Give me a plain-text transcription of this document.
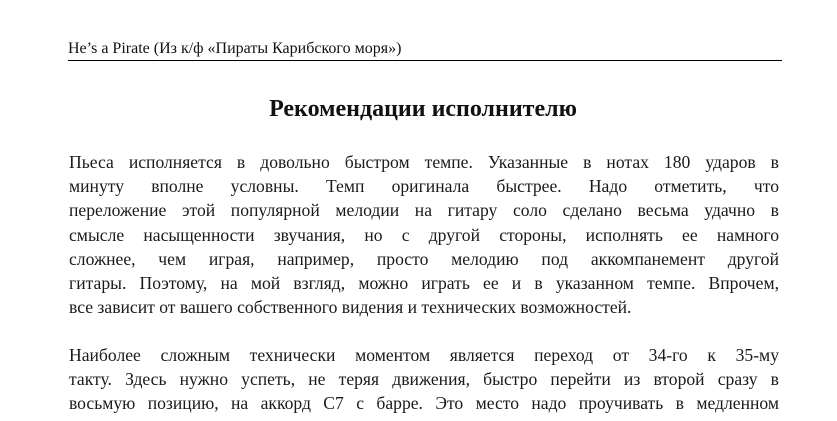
He’s a Pirate (Из к/ф «Пираты Карибского моря»)
Рекомендации исполнителю
Пьеса исполняется в довольно быстром темпе. Указанные в нотах 180 ударов в
минуту вполне условны. Темп оригинала быстрее. Надо отметить, что
переложение этой популярной мелодии на гитару соло сделано весьма удачно в
смысле насыщенности звучания, но с другой стороны, исполнять ее намного
сложнее, чем играя, например, просто мелодию под аккомпанемент другой
гитары. Поэтому, на мой взгляд, можно играть ее и в указанном темпе. Впрочем,
все зависит от вашего собственного видения и технических возможностей.
Наиболее сложным технически моментом является переход от 34-го к 35-му
такту. Здесь нужно успеть, не теряя движения, быстро перейти из второй сразу в
восьмую позицию, на аккорд С7 с барре. Это место надо проучивать в медленном
